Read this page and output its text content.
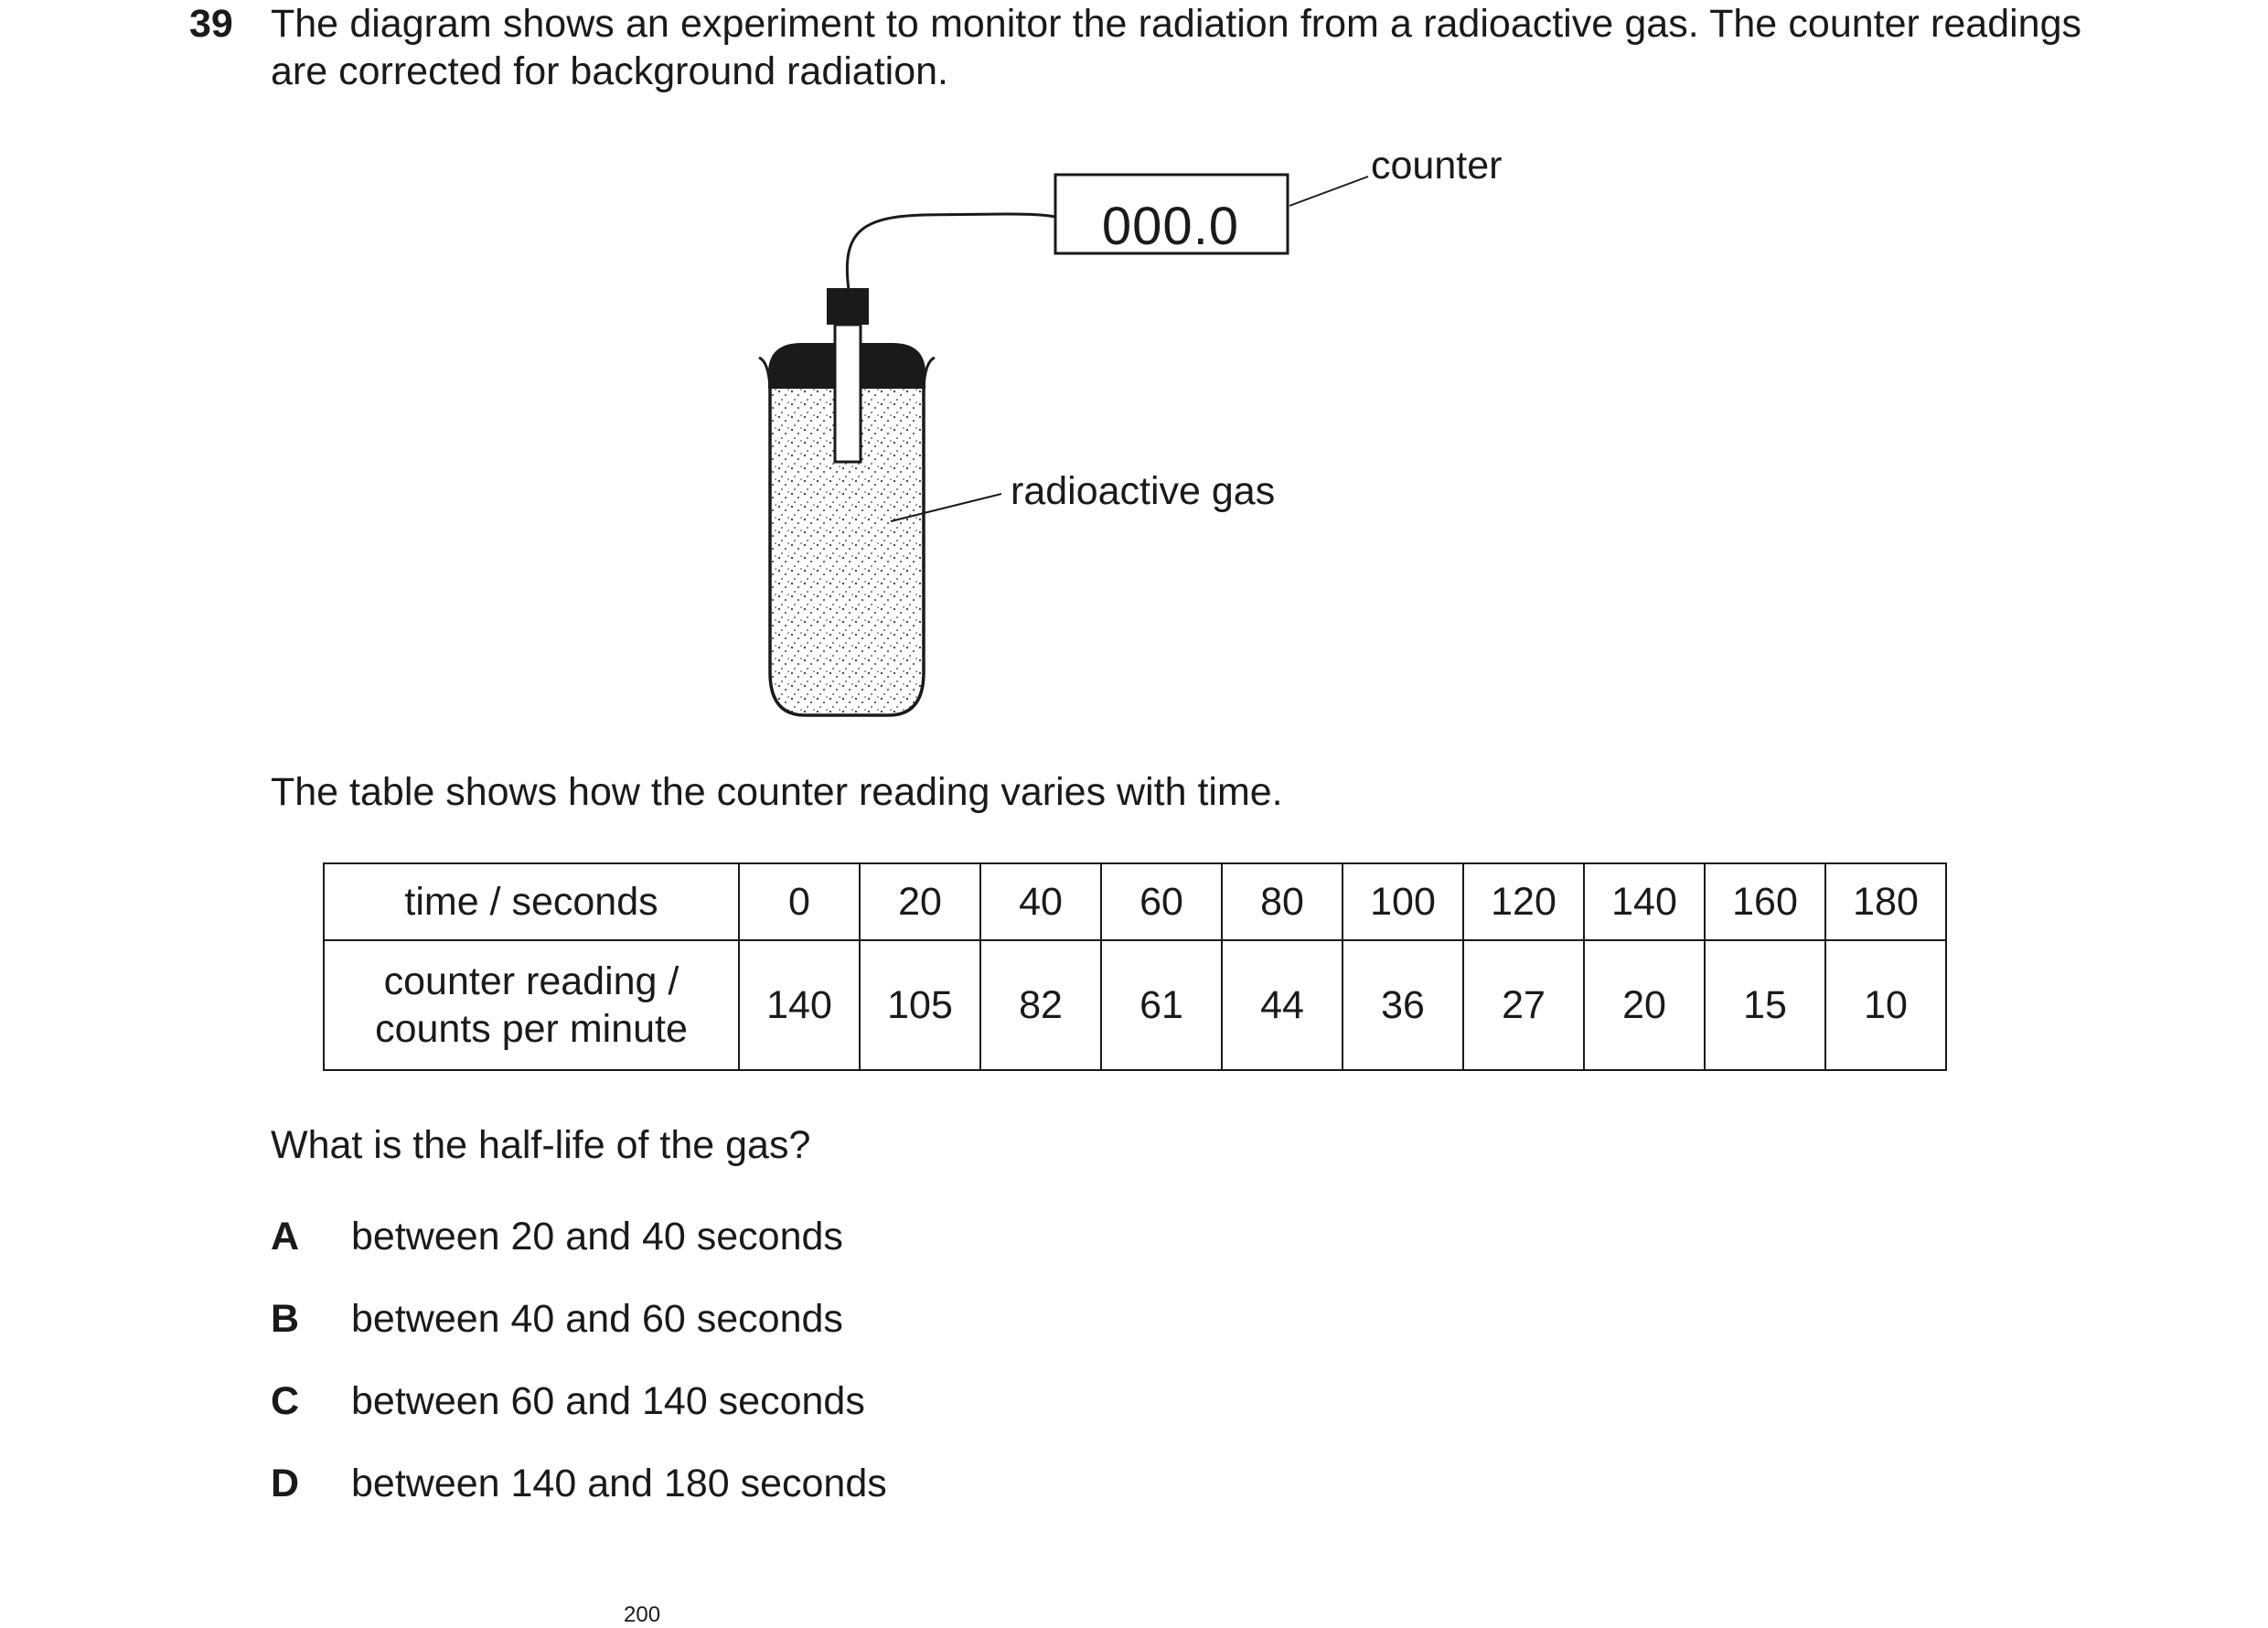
39 The diagram shows an experiment to monitor the radiation from a radioactive gas. The counter readings are corrected for background radiation.
000.0
counter
radioactive gas
The table shows how the counter reading varies with time.
time / seconds	0	20	40	60	80	100	120	140	160	180

counter reading /
counts per minute	140	105	82	61	44	36	27	20	15	10
What is the half-life of the gas?
A between 20 and 40 seconds
B between 40 and 60 seconds
C between 60 and 140 seconds
D between 140 and 180 seconds
200
